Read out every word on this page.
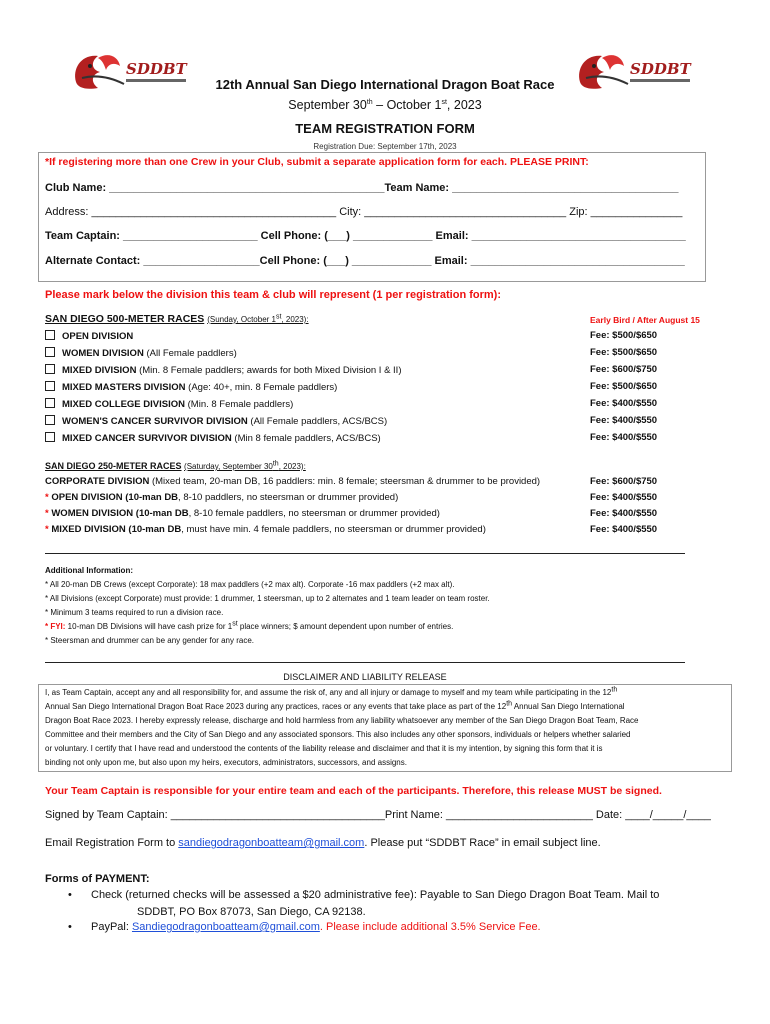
SDDBT	SDDBT
12th Annual San Diego International Dragon Boat Race
September 30th – October 1st, 2023
TEAM REGISTRATION FORM
Registration Due: September 17th, 2023
*If registering more than one Crew in your Club, submit a separate application form for each. PLEASE PRINT:
Club Name: _____________________________________________Team Name: _____________________________________
Address: ________________________________________ City: _________________________________ Zip: _______________
Team Captain: ______________________ Cell Phone: (___) _____________ Email: ___________________________________
Alternate Contact: ___________________Cell Phone: (___) _____________ Email: ___________________________________
Please mark below the division this team & club will represent (1 per registration form):
SAN DIEGO 500-METER RACES (Sunday, October 1st, 2023):	Early Bird / After August 15
OPEN DIVISION	Fee: $500/$650
WOMEN DIVISION (All Female paddlers)	Fee: $500/$650
MIXED DIVISION (Min. 8 Female paddlers; awards for both Mixed Division I & II)	Fee: $600/$750
MIXED MASTERS DIVISION (Age: 40+, min. 8 Female paddlers)	Fee: $500/$650
MIXED COLLEGE DIVISION (Min. 8 Female paddlers)	Fee: $400/$550
WOMEN'S CANCER SURVIVOR DIVISION (All Female paddlers, ACS/BCS)	Fee: $400/$550
MIXED CANCER SURVIVOR DIVISION (Min 8 female paddlers, ACS/BCS)	Fee: $400/$550
SAN DIEGO 250-METER RACES (Saturday, September 30th, 2023):
CORPORATE DIVISION (Mixed team, 20-man DB, 16 paddlers: min. 8 female; steersman & drummer to be provided)	Fee: $600/$750
* OPEN DIVISION (10-man DB, 8-10 paddlers, no steersman or drummer provided)	Fee: $400/$550
* WOMEN DIVISION (10-man DB, 8-10 female paddlers, no steersman or drummer provided)	Fee: $400/$550
* MIXED DIVISION (10-man DB, must have min. 4 female paddlers, no steersman or drummer provided)	Fee: $400/$550
Additional Information:
* All 20-man DB Crews (except Corporate): 18 max paddlers (+2 max alt). Corporate -16 max paddlers (+2 max alt).
* All Divisions (except Corporate) must provide: 1 drummer, 1 steersman, up to 2 alternates and 1 team leader on team roster.
* Minimum 3 teams required to run a division race.
* FYI: 10-man DB Divisions will have cash prize for 1st place winners; $ amount dependent upon number of entries.
* Steersman and drummer can be any gender for any race.
DISCLAIMER AND LIABILITY RELEASE
I, as Team Captain, accept any and all responsibility for, and assume the risk of, any and all injury or damage to myself and my team while participating in the 12th
Annual San Diego International Dragon Boat Race 2023 during any practices, races or any events that take place as part of the 12th Annual San Diego International
Dragon Boat Race 2023. I hereby expressly release, discharge and hold harmless from any liability whatsoever any member of the San Diego Dragon Boat Team, Race
Committee and their members and the City of San Diego and any associated sponsors. This also includes any other sponsors, individuals or helpers whether salaried
or voluntary. I certify that I have read and understood the contents of the liability release and disclaimer and that it is my intention, by signing this form that it is
binding not only upon me, but also upon my heirs, executors, administrators, successors, and assigns.
Your Team Captain is responsible for your entire team and each of the participants. Therefore, this release MUST be signed.
Signed by Team Captain: ___________________________________Print Name: ________________________ Date: ____/_____/____
Email Registration Form to sandiegodragonboatteam@gmail.com. Please put “SDDBT Race” in email subject line.
Forms of PAYMENT:
• Check (returned checks will be assessed a $20 administrative fee): Payable to San Diego Dragon Boat Team. Mail to
SDDBT, PO Box 87073, San Diego, CA 92138.
• PayPal: Sandiegodragonboatteam@gmail.com. Please include additional 3.5% Service Fee.
